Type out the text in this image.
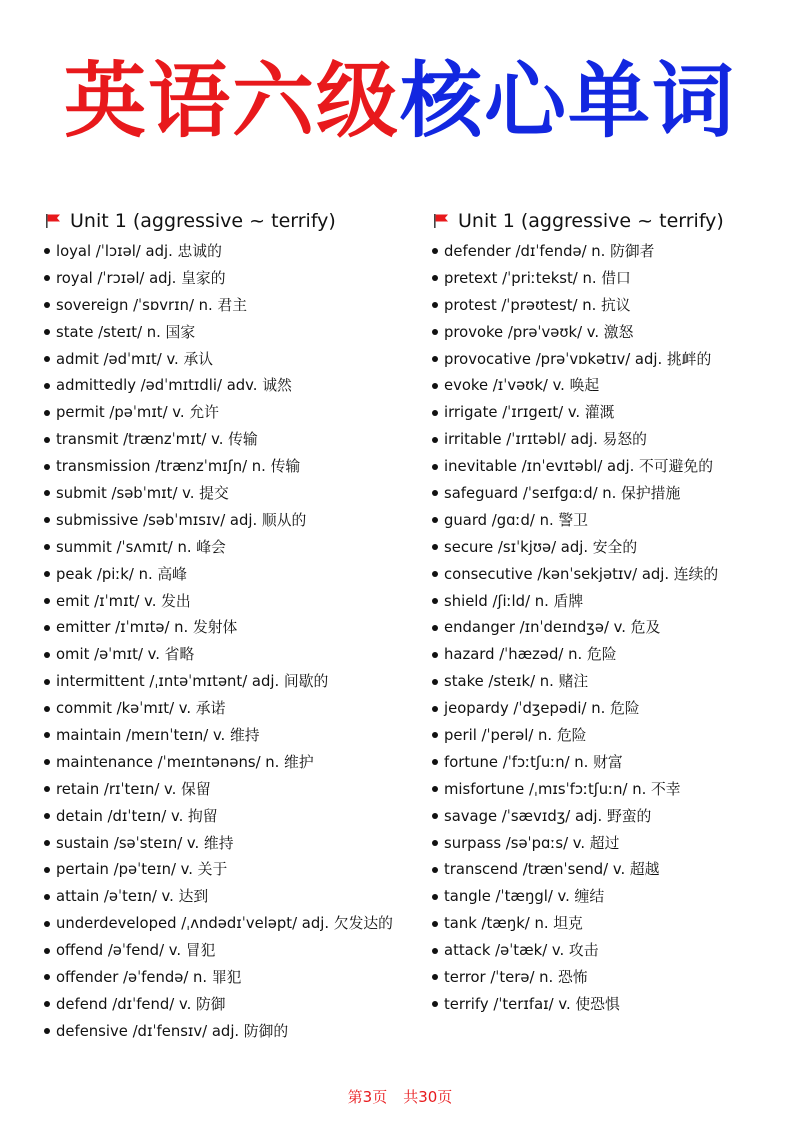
英语六级核心单词
Unit 1 (aggressive ~ terrify)
loyal /ˈlɔɪəl/ adj. 忠诚的
royal /ˈrɔɪəl/ adj. 皇家的
sovereign /ˈsɒvrɪn/ n. 君主
state /steɪt/ n. 国家
admit /ədˈmɪt/ v. 承认
admittedly /ədˈmɪtɪdli/ adv. 诚然
permit /pəˈmɪt/ v. 允许
transmit /trænzˈmɪt/ v. 传输
transmission /trænzˈmɪʃn/ n. 传输
submit /səbˈmɪt/ v. 提交
submissive /səbˈmɪsɪv/ adj. 顺从的
summit /ˈsʌmɪt/ n. 峰会
peak /piːk/ n. 高峰
emit /ɪˈmɪt/ v. 发出
emitter /ɪˈmɪtə/ n. 发射体
omit /əˈmɪt/ v. 省略
intermittent /ˌɪntəˈmɪtənt/ adj. 间歇的
commit /kəˈmɪt/ v. 承诺
maintain /meɪnˈteɪn/ v. 维持
maintenance /ˈmeɪntənəns/ n. 维护
retain /rɪˈteɪn/ v. 保留
detain /dɪˈteɪn/ v. 拘留
sustain /səˈsteɪn/ v. 维持
pertain /pəˈteɪn/ v. 关于
attain /əˈteɪn/ v. 达到
underdeveloped /ˌʌndədɪˈveləpt/ adj. 欠发达的
offend /əˈfend/ v. 冒犯
offender /əˈfendə/ n. 罪犯
defend /dɪˈfend/ v. 防御
defensive /dɪˈfensɪv/ adj. 防御的
Unit 1 (aggressive ~ terrify)
defender /dɪˈfendə/ n. 防御者
pretext /ˈpriːtekst/ n. 借口
protest /ˈprəʊtest/ n. 抗议
provoke /prəˈvəʊk/ v. 激怒
provocative /prəˈvɒkətɪv/ adj. 挑衅的
evoke /ɪˈvəʊk/ v. 唤起
irrigate /ˈɪrɪgeɪt/ v. 灌溉
irritable /ˈɪrɪtəbl/ adj. 易怒的
inevitable /ɪnˈevɪtəbl/ adj. 不可避免的
safeguard /ˈseɪfgɑːd/ n. 保护措施
guard /gɑːd/ n. 警卫
secure /sɪˈkjʊə/ adj. 安全的
consecutive /kənˈsekjətɪv/ adj. 连续的
shield /ʃiːld/ n. 盾牌
endanger /ɪnˈdeɪndʒə/ v. 危及
hazard /ˈhæzəd/ n. 危险
stake /steɪk/ n. 赌注
jeopardy /ˈdʒepədi/ n. 危险
peril /ˈperəl/ n. 危险
fortune /ˈfɔːtʃuːn/ n. 财富
misfortune /ˌmɪsˈfɔːtʃuːn/ n. 不幸
savage /ˈsævɪdʒ/ adj. 野蛮的
surpass /səˈpɑːs/ v. 超过
transcend /trænˈsend/ v. 超越
tangle /ˈtæŋgl/ v. 缠结
tank /tæŋk/ n. 坦克
attack /əˈtæk/ v. 攻击
terror /ˈterə/ n. 恐怖
terrify /ˈterɪfaɪ/ v. 使恐惧
第3页 共30页
